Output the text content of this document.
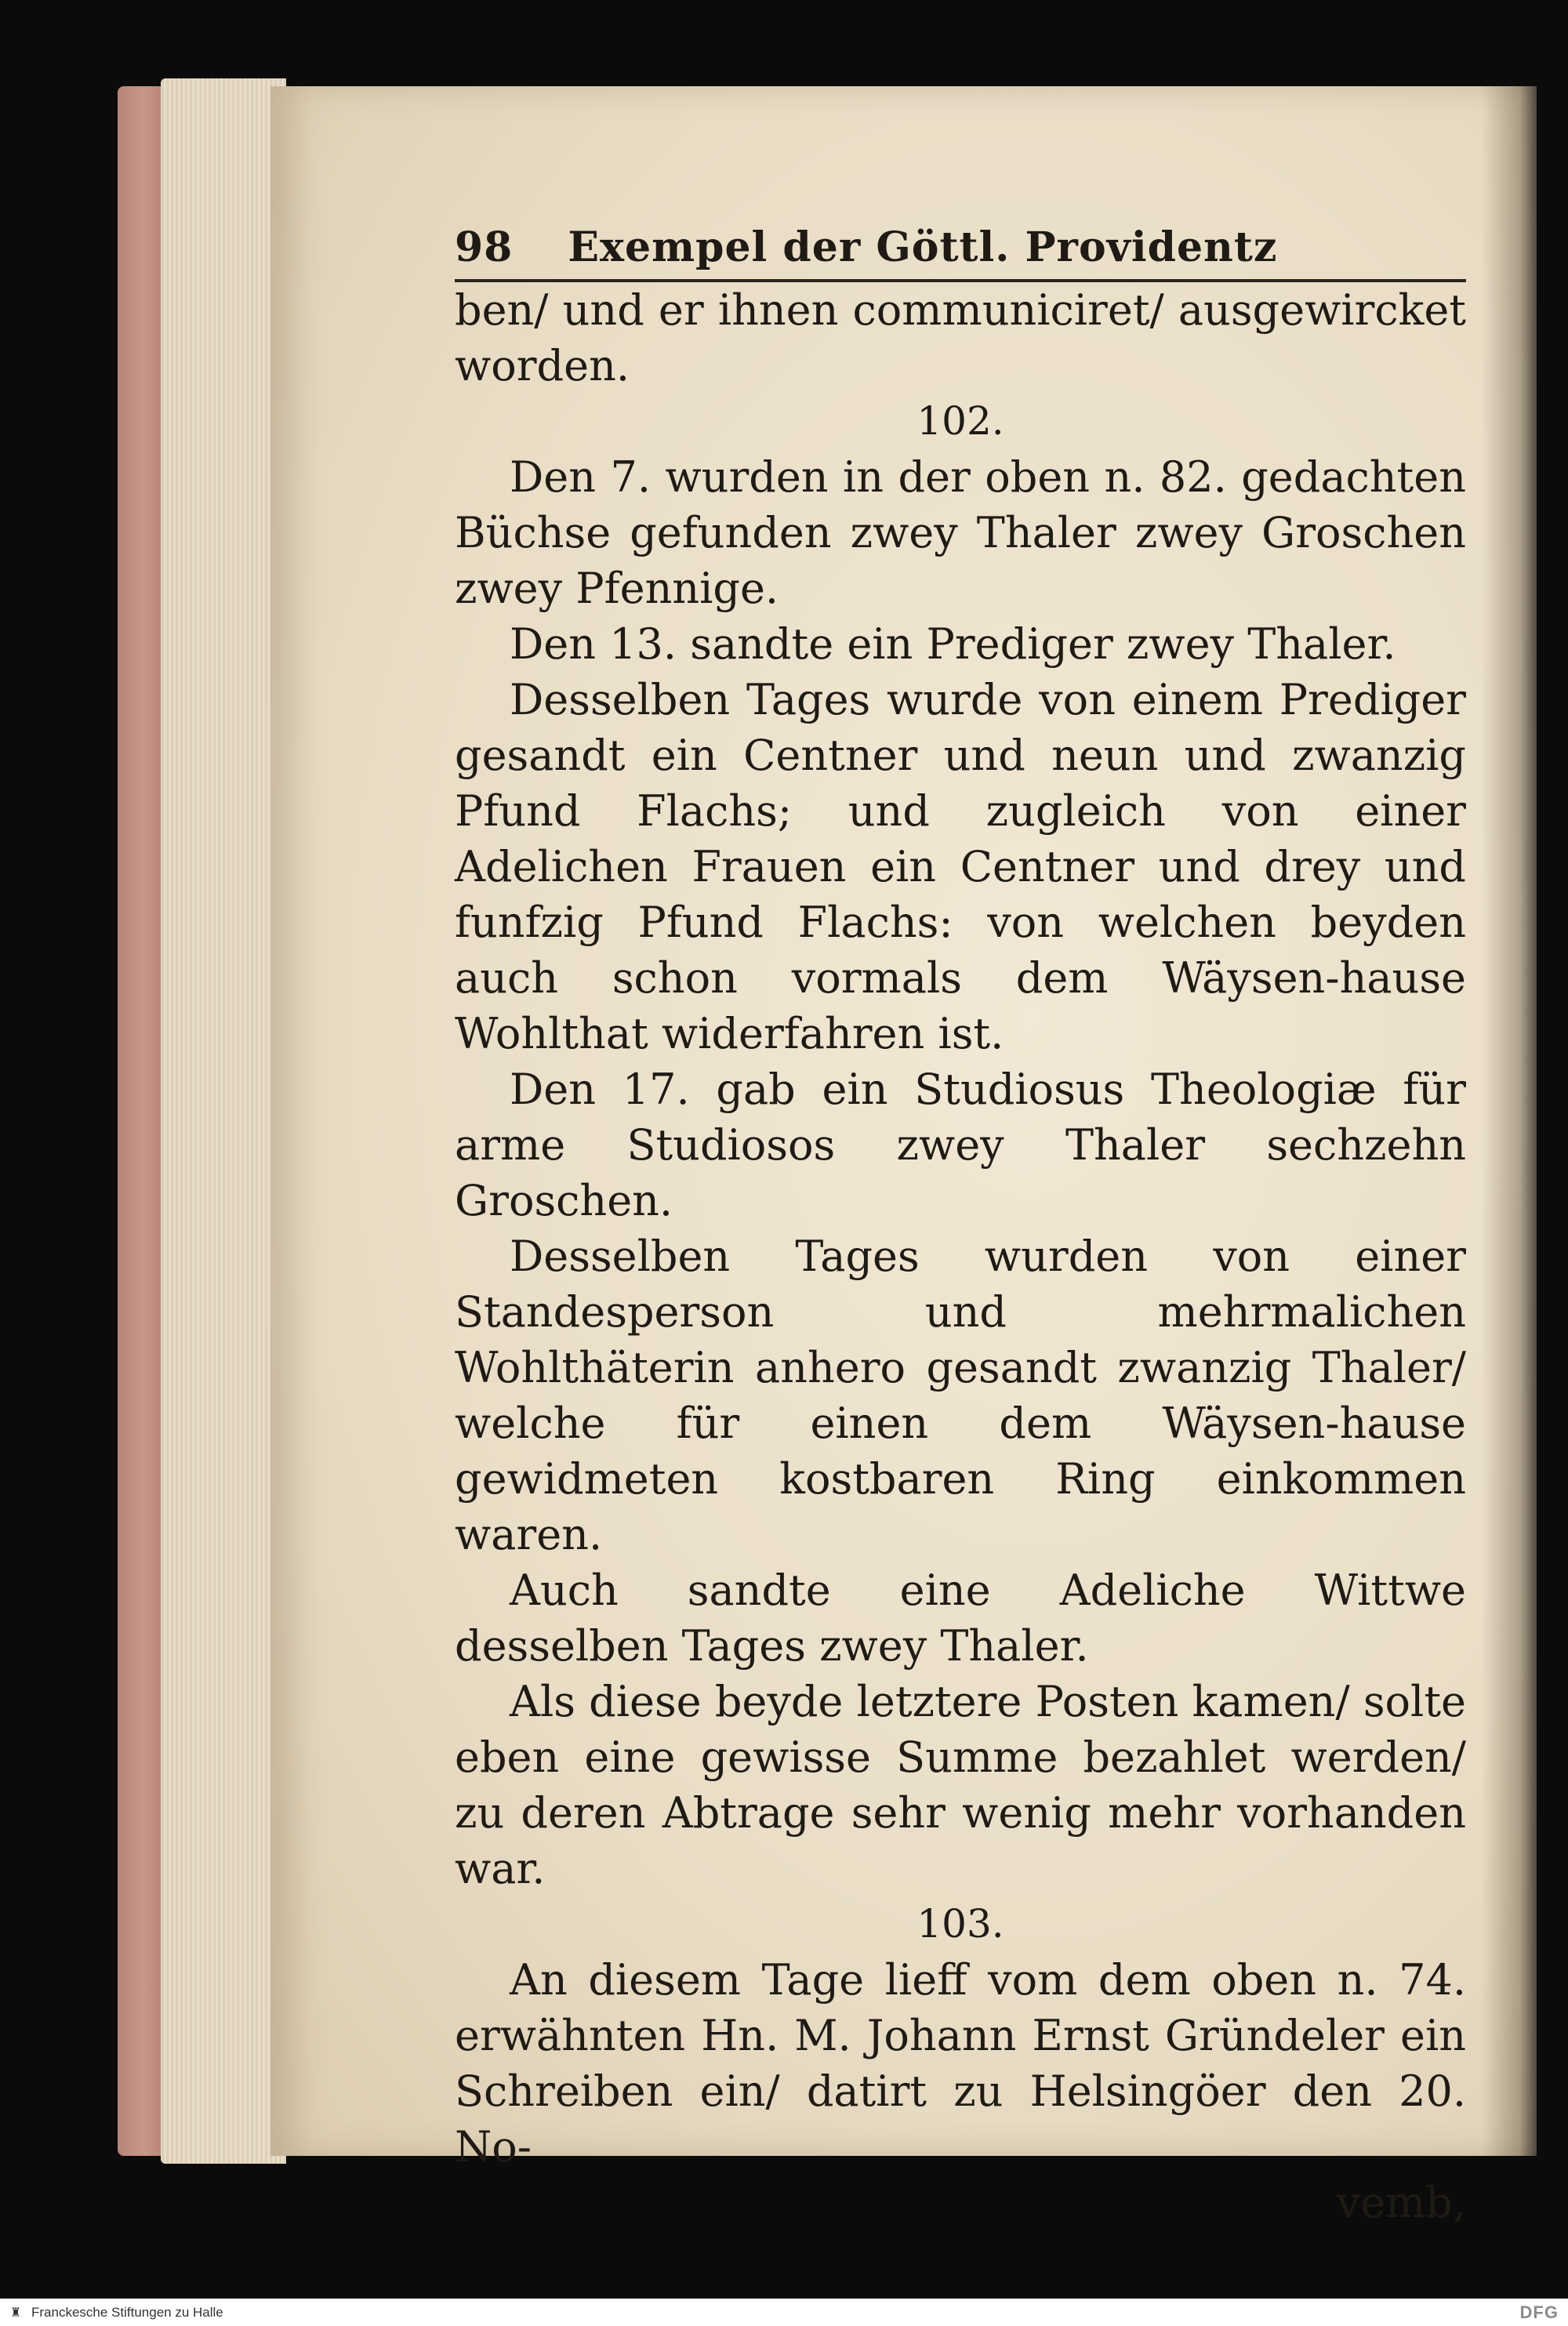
98 Exempel der Göttl. Providentz

ben/ und er ihnen communiciret/ ausgewircket worden.

102.

Den 7. wurden in der oben n. 82. gedachten Büchse gefunden zwey Thaler zwey Groschen zwey Pfennige.

Den 13. sandte ein Prediger zwey Thaler.

Desselben Tages wurde von einem Prediger gesandt ein Centner und neun und zwanzig Pfund Flachs; und zugleich von einer Adelichen Frauen ein Centner und drey und funfzig Pfund Flachs: von welchen beyden auch schon vormals dem Wäysen-hause Wohlthat widerfahren ist.

Den 17. gab ein Studiosus Theologiæ für arme Studiosos zwey Thaler sechzehn Groschen.

Desselben Tages wurden von einer Standesperson und mehrmalichen Wohlthäterin anhero gesandt zwanzig Thaler/ welche für einen dem Wäysen-hause gewidmeten kostbaren Ring einkommen waren.

Auch sandte eine Adeliche Wittwe desselben Tages zwey Thaler.

Als diese beyde letztere Posten kamen/ solte eben eine gewisse Summe bezahlet werden/ zu deren Abtrage sehr wenig mehr vorhanden war.

103.

An diesem Tage lieff vom dem oben n. 74. erwähnten Hn. M. Johann Ernst Gründeler ein Schreiben ein/ datirt zu Helsingöer den 20. No-

vemb,

♜ Franckesche Stiftungen zu Halle	DFG
